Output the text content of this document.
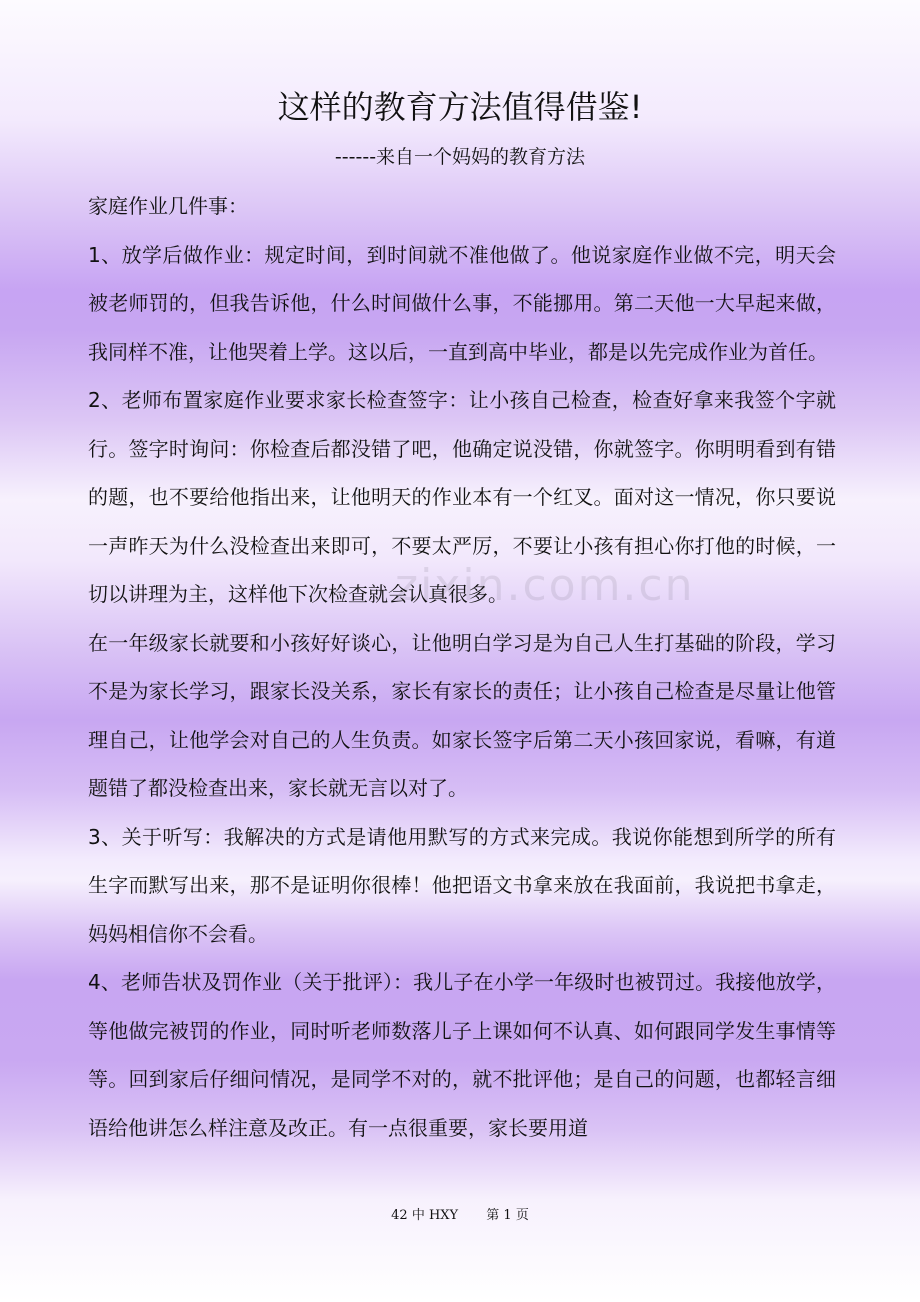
zixin.com.cn
这样的教育方法值得借鉴!
------来自一个妈妈的教育方法

家庭作业几件事：

1、放学后做作业：规定时间，到时间就不准他做了。他说家庭作业做不完，明天会被老师罚的，但我告诉他，什么时间做什么事，不能挪用。第二天他一大早起来做，我同样不准，让他哭着上学。这以后，一直到高中毕业，都是以先完成作业为首任。

2、老师布置家庭作业要求家长检查签字：让小孩自己检查，检查好拿来我签个字就行。签字时询问：你检查后都没错了吧，他确定说没错，你就签字。你明明看到有错的题，也不要给他指出来，让他明天的作业本有一个红叉。面对这一情况，你只要说一声昨天为什么没检查出来即可，不要太严厉，不要让小孩有担心你打他的时候，一切以讲理为主，这样他下次检查就会认真很多。

在一年级家长就要和小孩好好谈心，让他明白学习是为自己人生打基础的阶段，学习不是为家长学习，跟家长没关系，家长有家长的责任；让小孩自己检查是尽量让他管理自己，让他学会对自己的人生负责。如家长签字后第二天小孩回家说，看嘛，有道题错了都没检查出来，家长就无言以对了。

3、关于听写：我解决的方式是请他用默写的方式来完成。我说你能想到所学的所有生字而默写出来，那不是证明你很棒！他把语文书拿来放在我面前，我说把书拿走，妈妈相信你不会看。

4、老师告状及罚作业（关于批评）：我儿子在小学一年级时也被罚过。我接他放学，等他做完被罚的作业，同时听老师数落儿子上课如何不认真、如何跟同学发生事情等等。回到家后仔细问情况，是同学不对的，就不批评他；是自己的问题，也都轻言细语给他讲怎么样注意及改正。有一点很重要，家长要用道

42 中 HXY 第 1 页
